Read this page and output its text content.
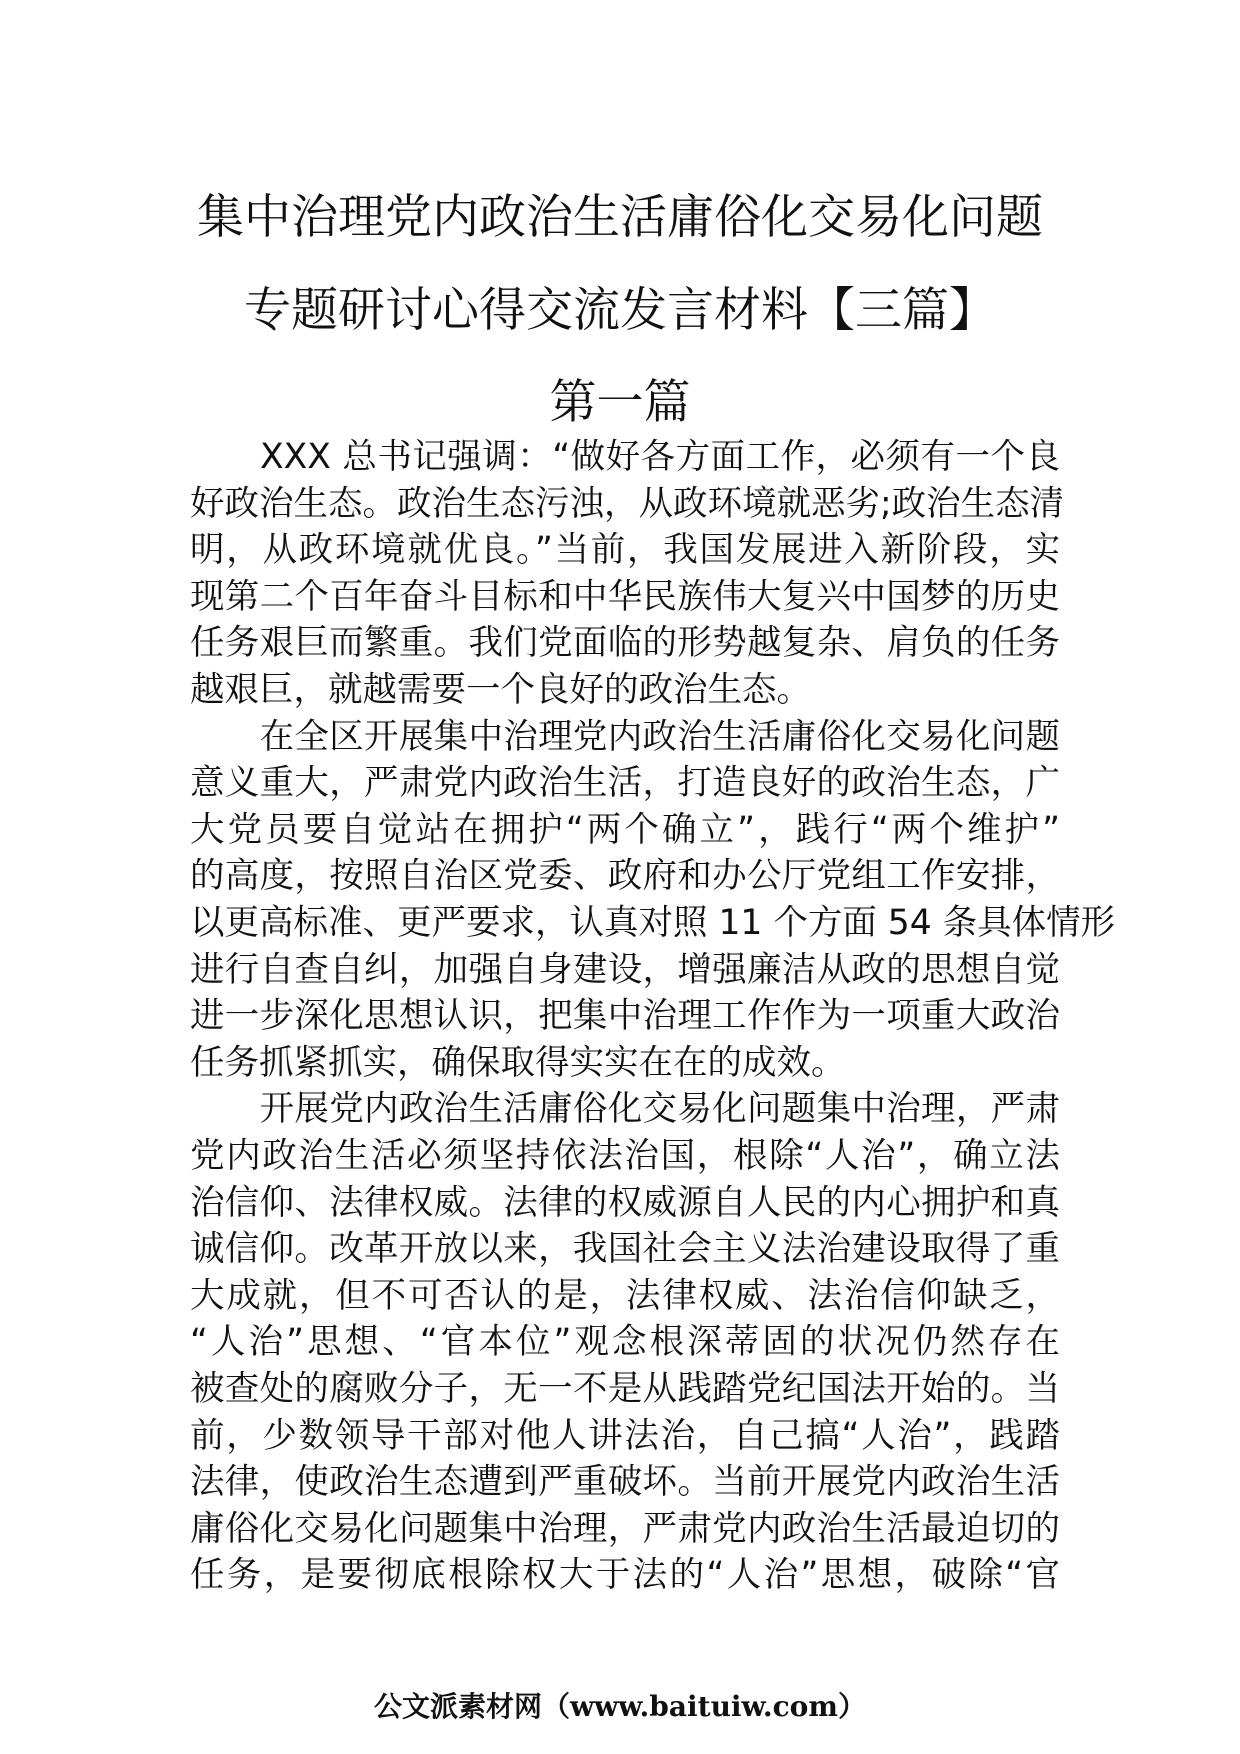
集中治理党内政治生活庸俗化交易化问题
专题研讨心得交流发言材料【三篇】
第一篇
　　XXX 总书记强调：“做好各方面工作，必须有一个良
好政治生态。政治生态污浊，从政环境就恶劣;政治生态清
明，从政环境就优良。”当前，我国发展进入新阶段，实
现第二个百年奋斗目标和中华民族伟大复兴中国梦的历史
任务艰巨而繁重。我们党面临的形势越复杂、肩负的任务
越艰巨，就越需要一个良好的政治生态。
　　在全区开展集中治理党内政治生活庸俗化交易化问题
意义重大，严肃党内政治生活，打造良好的政治生态，广
大党员要自觉站在拥护“两个确立”，践行“两个维护”
的高度，按照自治区党委、政府和办公厅党组工作安排，
以更高标准、更严要求，认真对照 11 个方面 54 条具体情形
进行自查自纠，加强自身建设，增强廉洁从政的思想自觉
进一步深化思想认识，把集中治理工作作为一项重大政治
任务抓紧抓实，确保取得实实在在的成效。
　　开展党内政治生活庸俗化交易化问题集中治理，严肃
党内政治生活必须坚持依法治国，根除“人治”，确立法
治信仰、法律权威。法律的权威源自人民的内心拥护和真
诚信仰。改革开放以来，我国社会主义法治建设取得了重
大成就，但不可否认的是，法律权威、法治信仰缺乏，
“人治”思想、“官本位”观念根深蒂固的状况仍然存在
被查处的腐败分子，无一不是从践踏党纪国法开始的。当
前，少数领导干部对他人讲法治，自己搞“人治”，践踏
法律，使政治生态遭到严重破坏。当前开展党内政治生活
庸俗化交易化问题集中治理，严肃党内政治生活最迫切的
任务，是要彻底根除权大于法的“人治”思想，破除“官
公文派素材网（www.baituiw.com）
